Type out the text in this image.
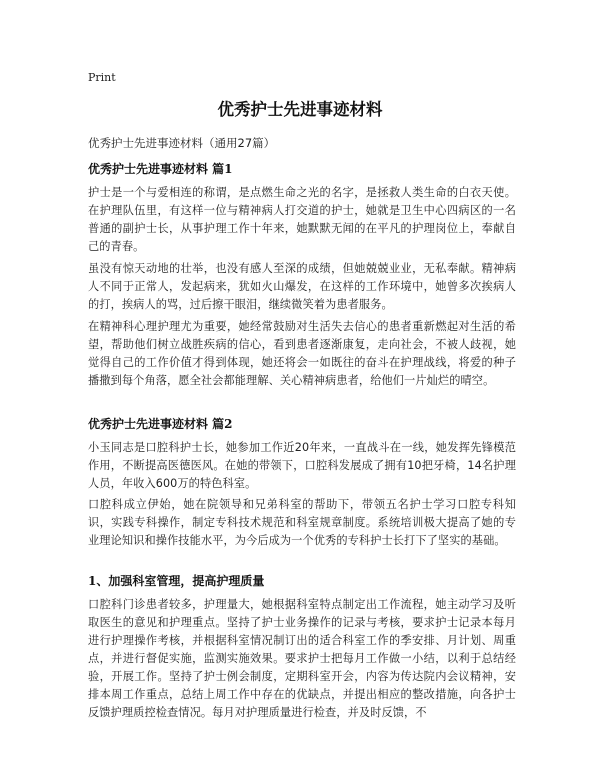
Print
优秀护士先进事迹材料
优秀护士先进事迹材料（通用27篇）
优秀护士先进事迹材料 篇1
护士是一个与爱相连的称谓，是点燃生命之光的名字，是拯救人类生命的白衣天使。在护理队伍里，有这样一位与精神病人打交道的护士，她就是卫生中心四病区的一名普通的副护士长，从事护理工作十年来，她默默无闻的在平凡的护理岗位上，奉献自己的青春。
虽没有惊天动地的壮举，也没有感人至深的成绩，但她兢兢业业，无私奉献。精神病人不同于正常人，发起病来，犹如火山爆发，在这样的工作环境中，她曾多次挨病人的打，挨病人的骂，过后擦干眼泪，继续微笑着为患者服务。
在精神科心理护理尤为重要，她经常鼓励对生活失去信心的患者重新燃起对生活的希望，帮助他们树立战胜疾病的信心，看到患者逐渐康复，走向社会，不被人歧视，她觉得自己的工作价值才得到体现，她还将会一如既往的奋斗在护理战线，将爱的种子播撒到每个角落，愿全社会都能理解、关心精神病患者，给他们一片灿烂的晴空。
优秀护士先进事迹材料 篇2
小玉同志是口腔科护士长，她参加工作近20年来，一直战斗在一线，她发挥先锋模范作用，不断提高医德医风。在她的带领下，口腔科发展成了拥有10把牙椅，14名护理人员，年收入600万的特色科室。
口腔科成立伊始，她在院领导和兄弟科室的帮助下，带领五名护士学习口腔专科知识，实践专科操作，制定专科技术规范和科室规章制度。系统培训极大提高了她的专业理论知识和操作技能水平，为今后成为一个优秀的专科护士长打下了坚实的基础。
1、加强科室管理，提高护理质量
口腔科门诊患者较多，护理量大，她根据科室特点制定出工作流程，她主动学习及听取医生的意见和护理重点。坚持了护士业务操作的记录与考核，要求护士记录本每月进行护理操作考核，并根据科室情况制订出的适合科室工作的季安排、月计划、周重点，并进行督促实施，监测实施效果。要求护士把每月工作做一小结，以利于总结经验，开展工作。坚持了护士例会制度，定期科室开会，内容为传达院内会议精神，安排本周工作重点，总结上周工作中存在的优缺点，并提出相应的整改措施，向各护士反馈护理质控检查情况。每月对护理质量进行检查，并及时反馈，不
